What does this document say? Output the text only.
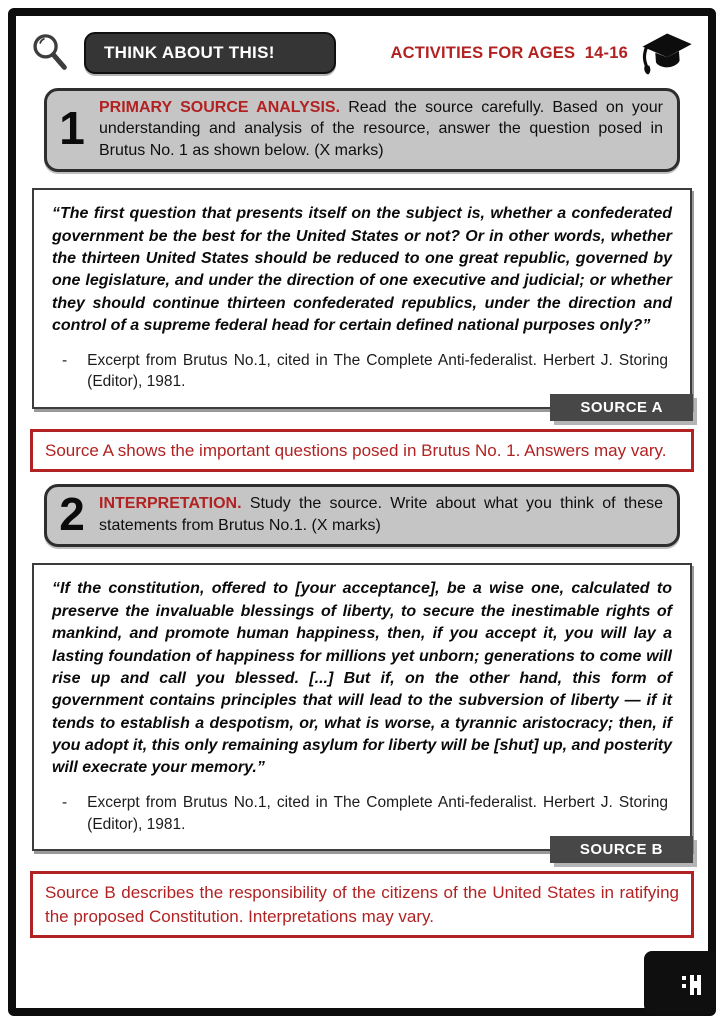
THINK ABOUT THIS!	ACTIVITIES FOR AGES  14-16
1 PRIMARY SOURCE ANALYSIS. Read the source carefully. Based on your understanding and analysis of the resource, answer the question posed in Brutus No. 1 as shown below. (X marks)
“The first question that presents itself on the subject is, whether a confederated government be the best for the United States or not? Or in other words, whether the thirteen United States should be reduced to one great republic, governed by one legislature, and under the direction of one executive and judicial; or whether they should continue thirteen confederated republics, under the direction and control of a supreme federal head for certain defined national purposes only?”
- Excerpt from Brutus No.1, cited in The Complete Anti-federalist. Herbert J. Storing (Editor), 1981.
SOURCE A
Source A shows the important questions posed in Brutus No. 1. Answers may vary.
2 INTERPRETATION. Study the source. Write about what you think of these statements from Brutus No.1. (X marks)
“If the constitution, offered to [your acceptance], be a wise one, calculated to preserve the invaluable blessings of liberty, to secure the inestimable rights of mankind, and promote human happiness, then, if you accept it, you will lay a lasting foundation of happiness for millions yet unborn; generations to come will rise up and call you blessed. [...] But if, on the other hand, this form of government contains principles that will lead to the subversion of liberty — if it tends to establish a despotism, or, what is worse, a tyrannic aristocracy; then, if you adopt it, this only remaining asylum for liberty will be [shut] up, and posterity will execrate your memory.”
- Excerpt from Brutus No.1, cited in The Complete Anti-federalist. Herbert J. Storing (Editor), 1981.
SOURCE B
Source B describes the responsibility of the citizens of the United States in ratifying the proposed Constitution. Interpretations may vary.
